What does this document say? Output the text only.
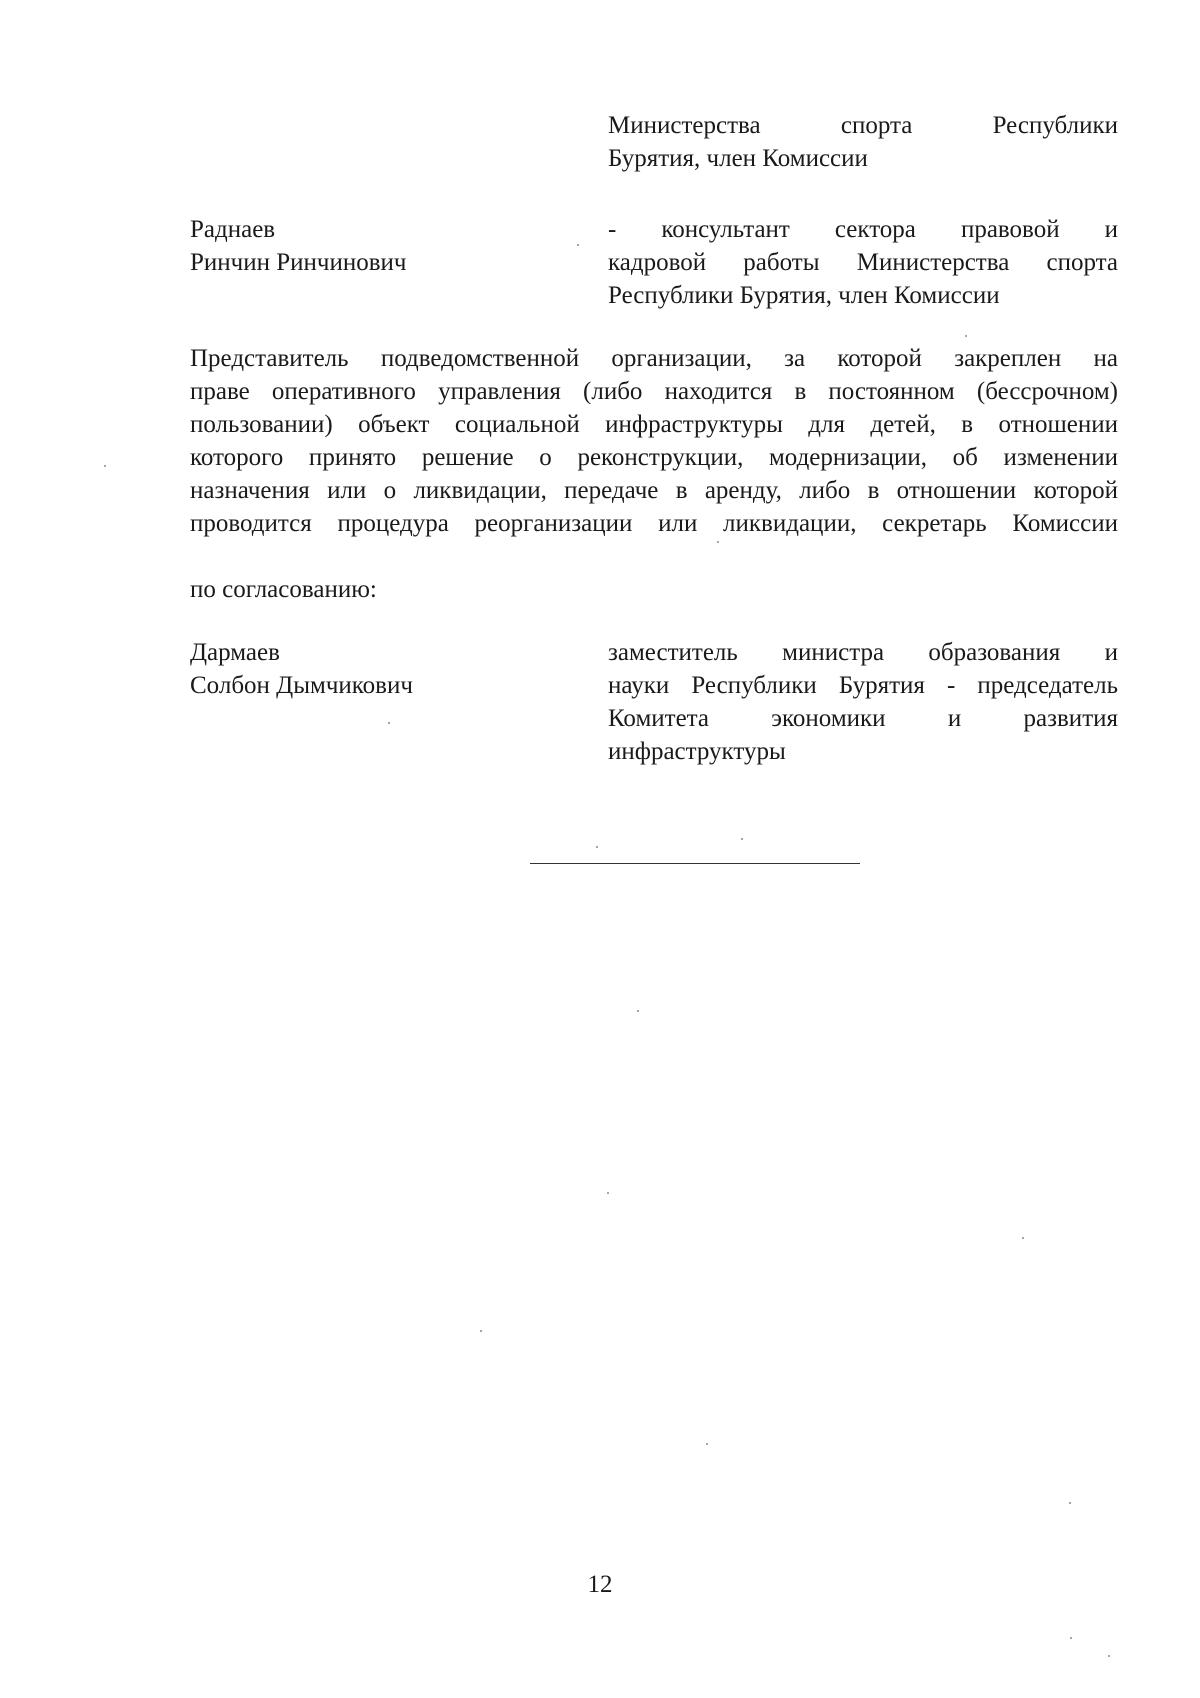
Министерства спорта Республики
Бурятия, член Комиссии
Раднаев
Ринчин Ринчинович
- консультант сектора правовой и
кадровой работы Министерства спорта
Республики Бурятия, член Комиссии
Представитель подведомственной организации, за которой закреплен на
праве оперативного управления (либо находится в постоянном (бессрочном)
пользовании) объект социальной инфраструктуры для детей, в отношении
которого принято решение о реконструкции, модернизации, об изменении
назначения или о ликвидации, передаче в аренду, либо в отношении которой
проводится процедура реорганизации или ликвидации, секретарь Комиссии
по согласованию:
Дармаев
Солбон Дымчикович
заместитель министра образования и
науки Республики Бурятия - председатель
Комитета экономики и развития
инфраструктуры
12
